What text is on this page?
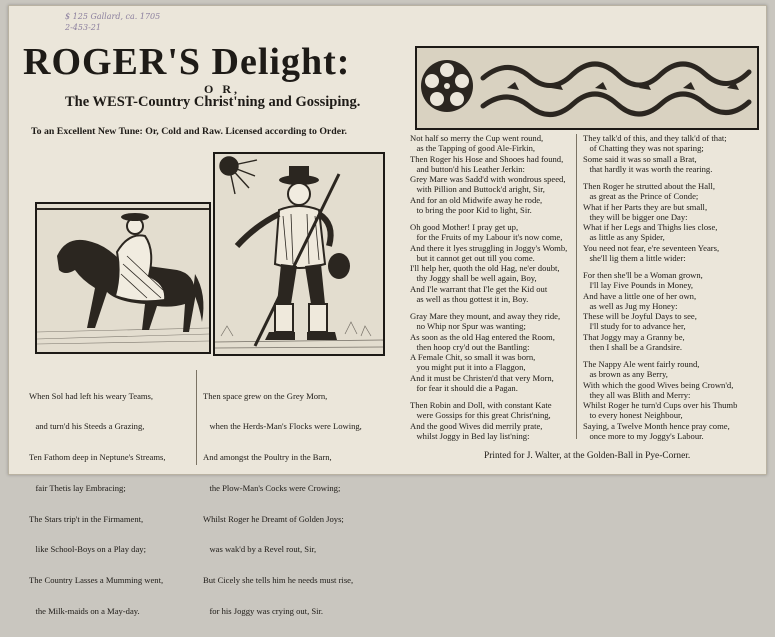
$ 125 Gallard, ca. 1705
2-453-21
ROGER'S Delight:
O R,
The WEST-Country Christ'ning and Gossiping.
To an Excellent New Tune: Or, Cold and Raw. Licensed according to Order.

When Sol had left his weary Teams,

and turn'd his Steeds a Grazing,

Ten Fathom deep in Neptune's Streams,

fair Thetis lay Embracing;

The Stars trip't in the Firmament,

like School-Boys on a Play day;

The Country Lasses a Mumming went,

the Milk-maids on a May-day.

Then space grew on the Grey Morn,

when the Herds-Man's Flocks were Lowing,

And amongst the Poultry in the Barn,

the Plow-Man's Cocks were Crowing;

Whilst Roger he Dreamt of Golden Joys;

was wak'd by a Revel rout, Sir,

But Cicely she tells him he needs must rise,

for his Joggy was crying out, Sir.

Not half so merry the Cup went round,

as the Tapping of good Ale-Firkin,

Then Roger his Hose and Shooes had found,

and button'd his Leather Jerkin:

Grey Mare was Sadd'd with wondrous speed,

with Pillion and Buttock'd aright, Sir,

And for an old Midwife away he rode,

to bring the poor Kid to light, Sir.

Oh good Mother! I pray get up,

for the Fruits of my Labour it's now come,

And there it lyes struggling in Joggy's Womb,

but it cannot get out till you come.

I'll help her, quoth the old Hag, ne'er doubt,

thy Joggy shall be well again, Boy,

And I'le warrant that I'le get the Kid out

as well as thou gottest it in, Boy.

Gray Mare they mount, and away they ride,

no Whip nor Spur was wanting;

As soon as the old Hag entered the Room,

then hoop cry'd out the Bantling:

A Female Chit, so small it was born,

you might put it into a Flaggon,

And it must be Christen'd that very Morn,

for fear it should die a Pagan.

Then Robin and Doll, with constant Kate

were Gossips for this great Christ'ning,

And the good Wives did merrily prate,

whilst Joggy in Bed lay list'ning:

They talk'd of this, and they talk'd of that;

of Chatting they was not sparing;

Some said it was so small a Brat,

that hardly it was worth the rearing.

Then Roger he strutted about the Hall,

as great as the Prince of Conde;

What if her Parts they are but small,

they will be bigger one Day:

What if her Legs and Thighs lies close,

as little as any Spider,

You need not fear, e're seventeen Years,

she'll lig them a little wider:

For then she'll be a Woman grown,

I'll lay Five Pounds in Money,

And have a little one of her own,

as well as Jug my Honey:

These will be Joyful Days to see,

I'll study for to advance her,

That Joggy may a Granny be,

then I shall be a Grandsire.

The Nappy Ale went fairly round,

as brown as any Berry,

With which the good Wives being Crown'd,

they all was Blith and Merry:

Whilst Roger he turn'd Cups over his Thumb

to every honest Neighbour,

Saying, a Twelve Month hence pray come,

once more to my Joggy's Labour.

Printed for J. Walter, at the Golden-Ball in Pye-Corner.
